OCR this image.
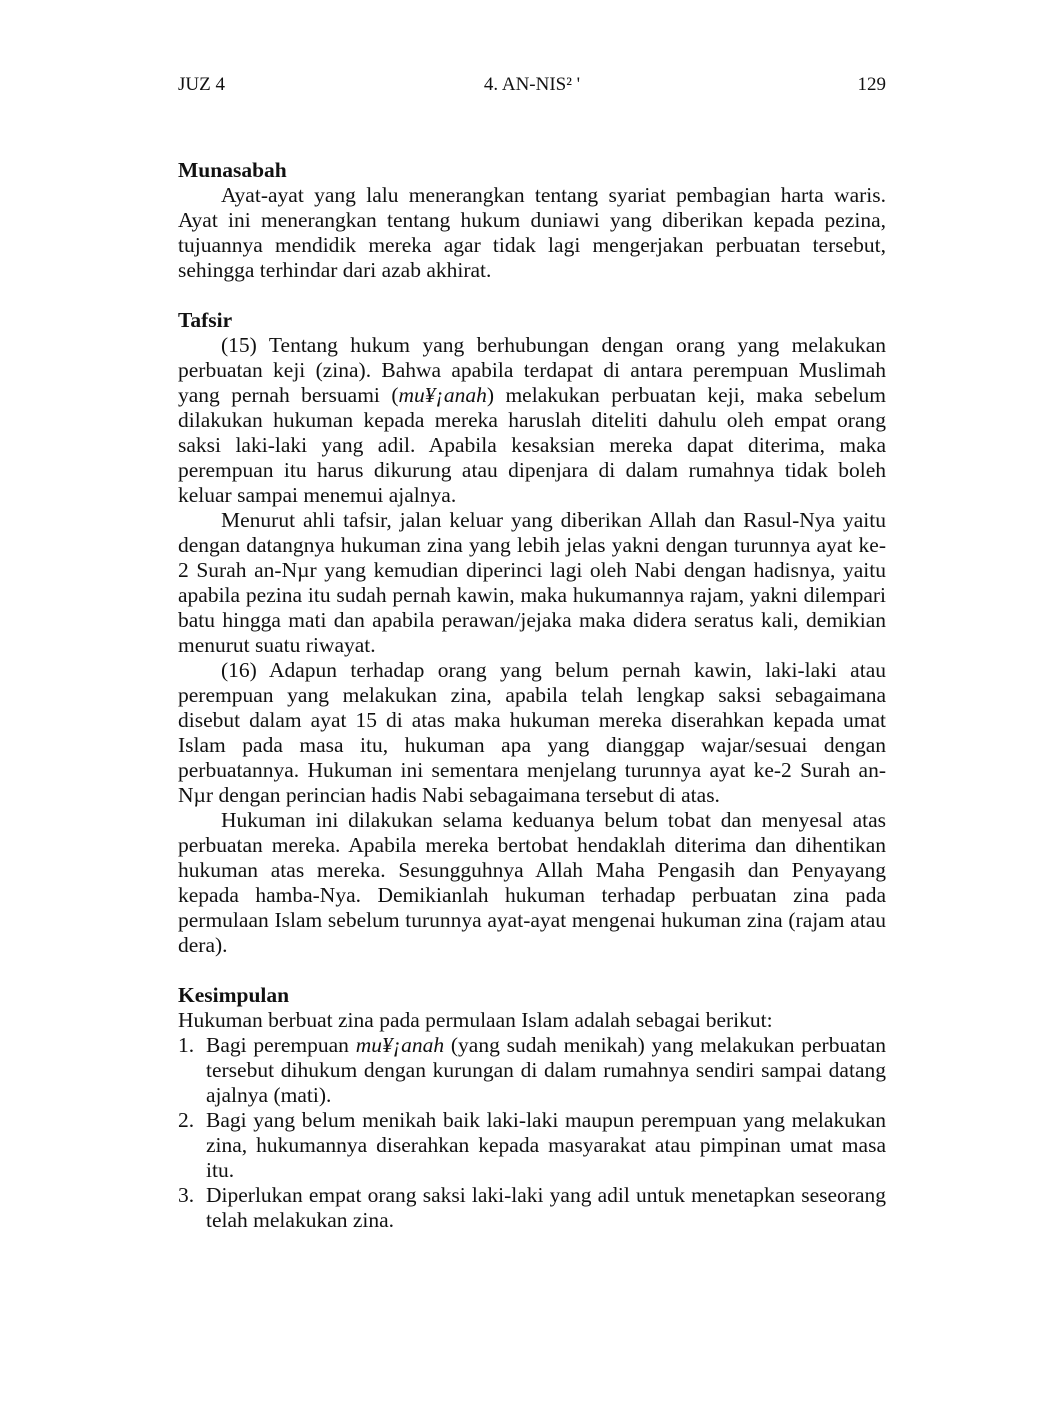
JUZ 4	4. AN-NIS² '	129
Munasabah

Ayat-ayat yang lalu menerangkan tentang syariat pembagian harta waris. Ayat ini menerangkan tentang hukum duniawi yang diberikan kepada pezina, tujuannya mendidik mereka agar tidak lagi mengerjakan perbuatan tersebut, sehingga terhindar dari azab akhirat.

Tafsir

(15) Tentang hukum yang berhubungan dengan orang yang melakukan perbuatan keji (zina). Bahwa apabila terdapat di antara perempuan Muslimah yang pernah bersuami (mu¥¡anah) melakukan perbuatan keji, maka sebelum dilakukan hukuman kepada mereka haruslah diteliti dahulu oleh empat orang saksi laki-laki yang adil. Apabila kesaksian mereka dapat diterima, maka perempuan itu harus dikurung atau dipenjara di dalam rumahnya tidak boleh keluar sampai menemui ajalnya.

Menurut ahli tafsir, jalan keluar yang diberikan Allah dan Rasul-Nya yaitu dengan datangnya hukuman zina yang lebih jelas yakni dengan turunnya ayat ke-2 Surah an-Nµr yang kemudian diperinci lagi oleh Nabi dengan hadisnya, yaitu apabila pezina itu sudah pernah kawin, maka hukumannya rajam, yakni dilempari batu hingga mati dan apabila perawan/jejaka maka didera seratus kali, demikian menurut suatu riwayat.

(16) Adapun terhadap orang yang belum pernah kawin, laki-laki atau perempuan yang melakukan zina, apabila telah lengkap saksi sebagaimana disebut dalam ayat 15 di atas maka hukuman mereka diserahkan kepada umat Islam pada masa itu, hukuman apa yang dianggap wajar/sesuai dengan perbuatannya. Hukuman ini sementara menjelang turunnya ayat ke-2 Surah an-Nµr dengan perincian hadis Nabi sebagaimana tersebut di atas.

Hukuman ini dilakukan selama keduanya belum tobat dan menyesal atas perbuatan mereka. Apabila mereka bertobat hendaklah diterima dan dihentikan hukuman atas mereka. Sesungguhnya Allah Maha Pengasih dan Penyayang kepada hamba-Nya. Demikianlah hukuman terhadap perbuatan zina pada permulaan Islam sebelum turunnya ayat-ayat mengenai hukuman zina (rajam atau dera).

Kesimpulan

Hukuman berbuat zina pada permulaan Islam adalah sebagai berikut:

1. Bagi perempuan mu¥¡anah (yang sudah menikah) yang melakukan perbuatan tersebut dihukum dengan kurungan di dalam rumahnya sendiri sampai datang ajalnya (mati).
2. Bagi yang belum menikah baik laki-laki maupun perempuan yang melakukan zina, hukumannya diserahkan kepada masyarakat atau pimpinan umat masa itu.
3. Diperlukan empat orang saksi laki-laki yang adil untuk menetapkan seseorang telah melakukan zina.
